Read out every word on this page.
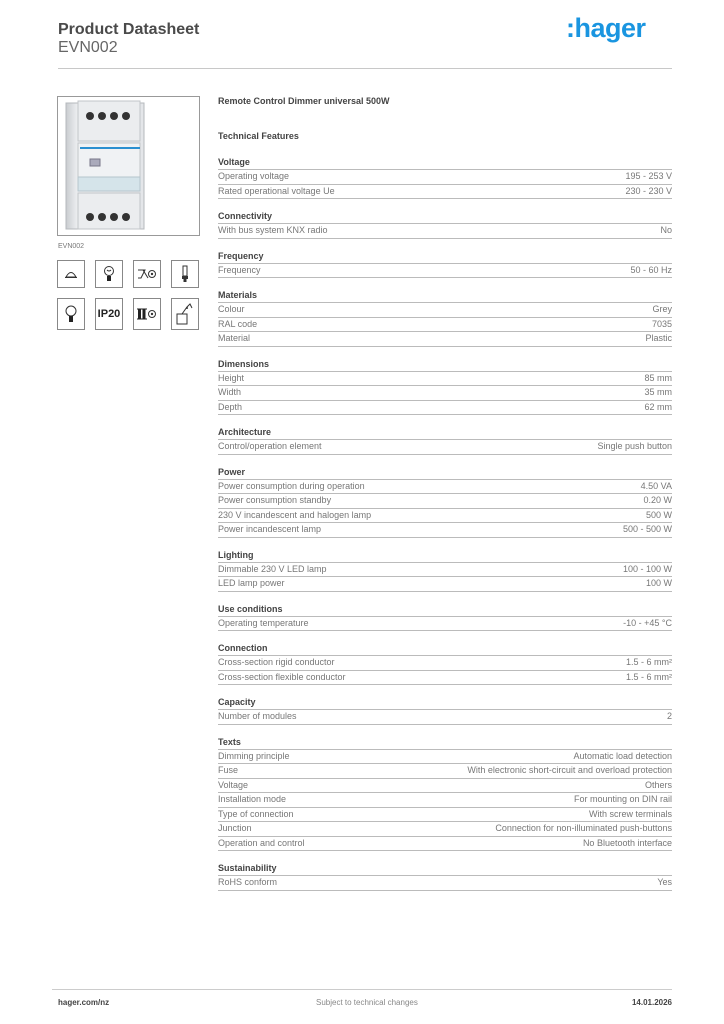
Product Datasheet
EVN002
:hager
EVN002
IP20
Remote Control Dimmer universal 500W
Technical Features
Voltage
Operating voltage	195 - 253 V
Rated operational voltage Ue	230 - 230 V
Connectivity
With bus system KNX radio	No
Frequency
Frequency	50 - 60 Hz
Materials
Colour	Grey
RAL code	7035
Material	Plastic
Dimensions
Height	85 mm
Width	35 mm
Depth	62 mm
Architecture
Control/operation element	Single push button
Power
Power consumption during operation	4.50 VA
Power consumption standby	0.20 W
230 V incandescent and halogen lamp	500 W
Power incandescent lamp	500 - 500 W
Lighting
Dimmable 230 V LED lamp	100 - 100 W
LED lamp power	100 W
Use conditions
Operating temperature	-10 - +45 °C
Connection
Cross-section rigid conductor	1.5 - 6 mm²
Cross-section flexible conductor	1.5 - 6 mm²
Capacity
Number of modules	2
Texts
Dimming principle	Automatic load detection
Fuse	With electronic short-circuit and overload protection
Voltage	Others
Installation mode	For mounting on DIN rail
Type of connection	With screw terminals
Junction	Connection for non-illuminated push-buttons
Operation and control	No Bluetooth interface
Sustainability
RoHS conform	Yes
hager.com/nz	Subject to technical changes	14.01.2026
